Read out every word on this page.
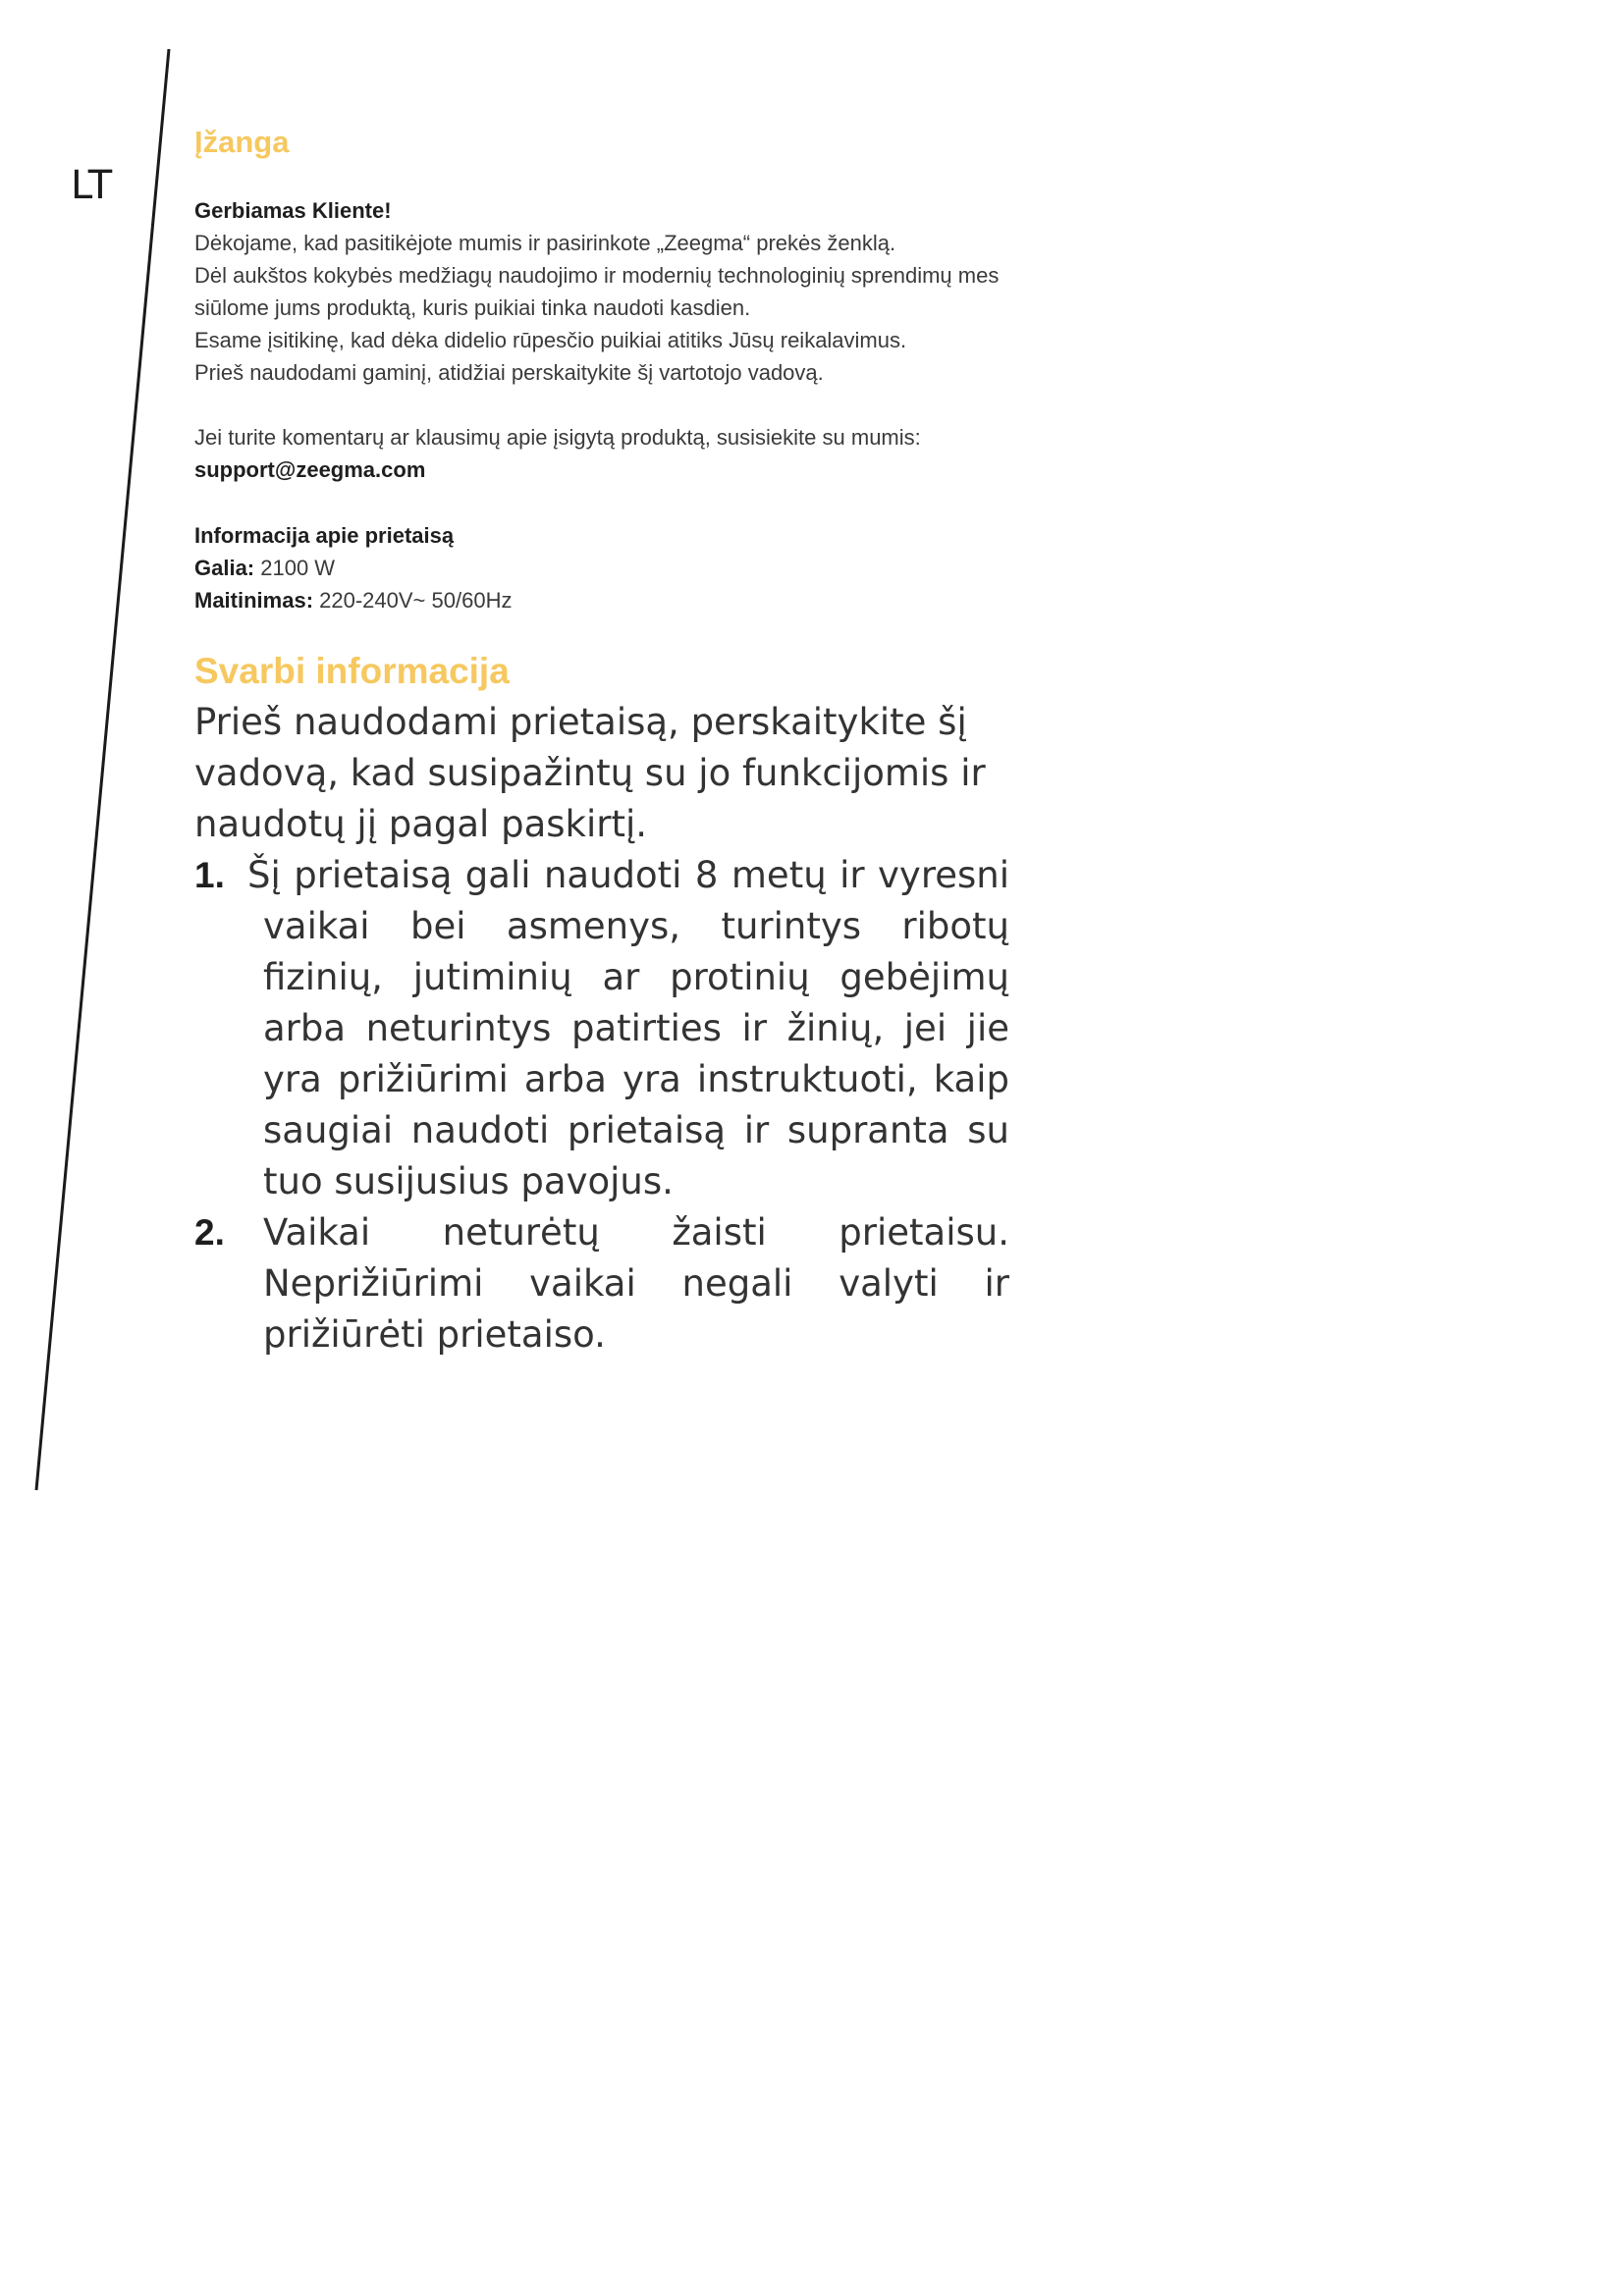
LT
Įžanga

Gerbiamas Kliente!

Dėkojame, kad pasitikėjote mumis ir pasirinkote „Zeegma“ prekės ženklą.

Dėl aukštos kokybės medžiagų naudojimo ir modernių technologinių sprendimų mes siūlome jums produktą, kuris puikiai tinka naudoti kasdien.

Esame įsitikinę, kad dėka didelio rūpesčio puikiai atitiks Jūsų reikalavimus.

Prieš naudodami gaminį, atidžiai perskaitykite šį vartotojo vadovą.

Jei turite komentarų ar klausimų apie įsigytą produktą, susisiekite su mumis: support@zeegma.com

Informacija apie prietaisą

Galia: 2100 W

Maitinimas: 220-240V~ 50/60Hz

Svarbi informacija

Prieš naudodami prietaisą, perskaitykite šį vadovą, kad susipažintų su jo funkcijomis ir naudotų jį pagal paskirtį.

1. Šį prietaisą gali naudoti 8 metų ir vyresni vaikai bei asmenys, turintys ribotų fizinių, jutiminių ar protinių gebėjimų arba neturintys patirties ir žinių, jei jie yra prižiūrimi arba yra instruktuoti, kaip saugiai naudoti prietaisą ir supranta su tuo susijusius pavojus.
2. Vaikai neturėtų žaisti prietaisu. Neprižiūrimi vaikai negali valyti ir prižiūrėti prietaiso.
